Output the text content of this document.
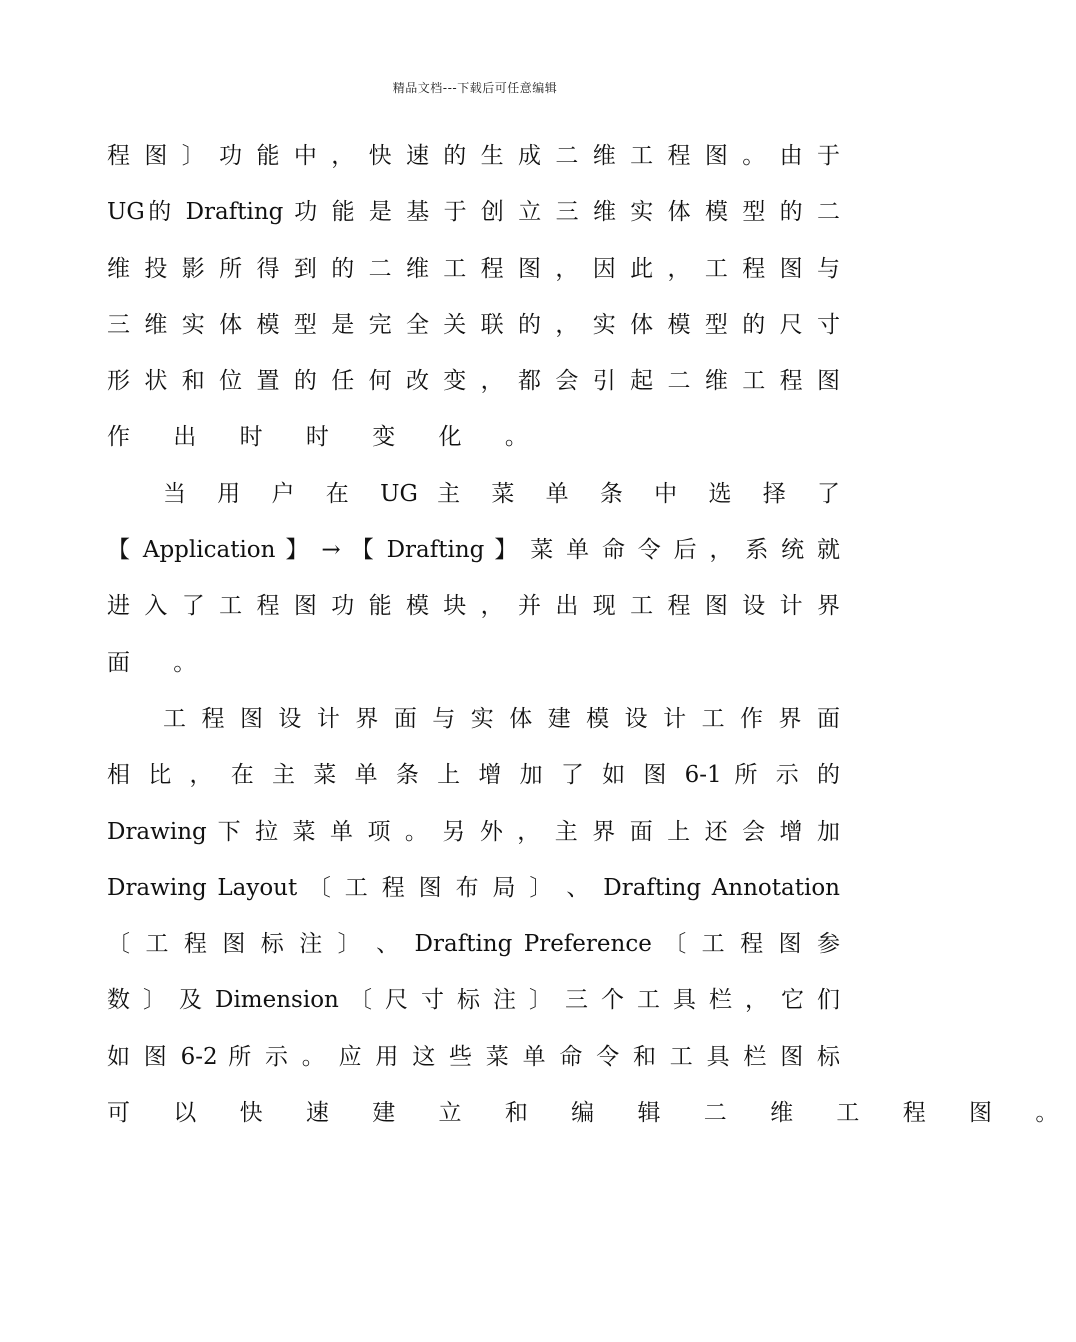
精品文档---下载后可任意编辑
程 图 〕 功 能 中 ， 快 速 的 生 成 二 维 工 程 图 。 由 于
UG的 Drafting 功 能 是 基 于 创 立 三 维 实 体 模 型 的 二
维 投 影 所 得 到 的 二 维 工 程 图 ， 因 此 ， 工 程 图 与
三 维 实 体 模 型 是 完 全 关 联 的 ， 实 体 模 型 的 尺 寸
形 状 和 位 置 的 任 何 改 变 ， 都 会 引 起 二 维 工 程 图
作 出 时 时 变 化 。
当 用 户 在 UG 主 菜 单 条 中 选 择 了
【 Application 】 → 【 Drafting 】 菜 单 命 令 后 ， 系 统 就
进 入 了 工 程 图 功 能 模 块 ， 并 出 现 工 程 图 设 计 界
面 。
工 程 图 设 计 界 面 与 实 体 建 模 设 计 工 作 界 面
相 比 ， 在 主 菜 单 条 上 增 加 了 如 图 6-1 所 示 的
Drawing 下 拉 菜 单 项 。 另 外 ， 主 界 面 上 还 会 增 加
Drawing Layout 〔 工 程 图 布 局 〕 、 Drafting Annotation
〔 工 程 图 标 注 〕 、 Drafting Preference 〔 工 程 图 参
数 〕 及 Dimension 〔 尺 寸 标 注 〕 三 个 工 具 栏 ， 它 们
如 图 6-2 所 示 。 应 用 这 些 菜 单 命 令 和 工 具 栏 图 标
可 以 快 速 建 立 和 编 辑 二 维 工 程 图 。
